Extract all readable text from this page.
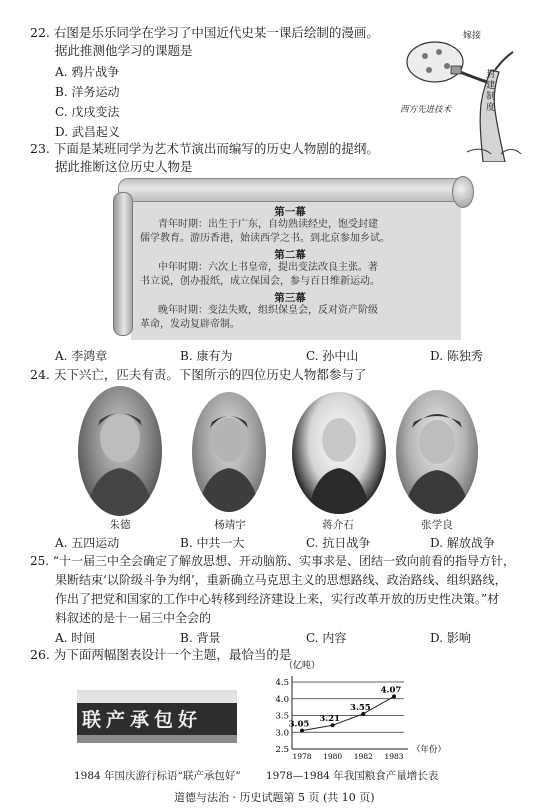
22. 右图是乐乐同学在学习了中国近代史某一课后绘制的漫画。
据此推测他学习的课题是
A. 鸦片战争
B. 洋务运动
C. 戊戌变法
D. 武昌起义
嫁接
封建制度
西方先进技术
23. 下面是某班同学为艺术节演出而编写的历史人物剧的提纲。
据此推断这位历史人物是
第一幕
青年时期：出生于广东，自幼熟读经史，饱受封建
儒学教育。游历香港，始读西学之书。到北京参加乡试。
第二幕
中年时期：六次上书皇帝，提出变法改良主张。著
书立说，创办报纸，成立保国会，参与百日维新运动。
第三幕
晚年时期：变法失败，组织保皇会，反对资产阶级
革命，发动复辟帝制。
A. 李鸿章	B. 康有为	C. 孙中山	D. 陈独秀
24. 天下兴亡，匹夫有责。下图所示的四位历史人物都参与了
朱德	杨靖宇	蒋介石	张学良
A. 五四运动	B. 中共一大	C. 抗日战争	D. 解放战争
25. “十一届三中全会确定了解放思想、开动脑筋、实事求是、团结一致向前看的指导方针，
果断结束‘以阶级斗争为纲’，重新确立马克思主义的思想路线、政治路线、组织路线，
作出了把党和国家的工作中心转移到经济建设上来，实行改革开放的历史性决策。”材
料叙述的是十一届三中全会的
A. 时间	B. 背景	C. 内容	D. 影响
26. 为下面两幅图表设计一个主题，最恰当的是
联产承包好
1984 年国庆游行标语“联产承包好”
（亿吨）
2.5
3.0
3.5
4.0
4.5
1978 1980 1982 1983
（年份）
3.05
3.21
3.55
4.07
1978—1984 年我国粮食产量增长表
道德与法治 · 历史试题第 5 页 (共 10 页)
